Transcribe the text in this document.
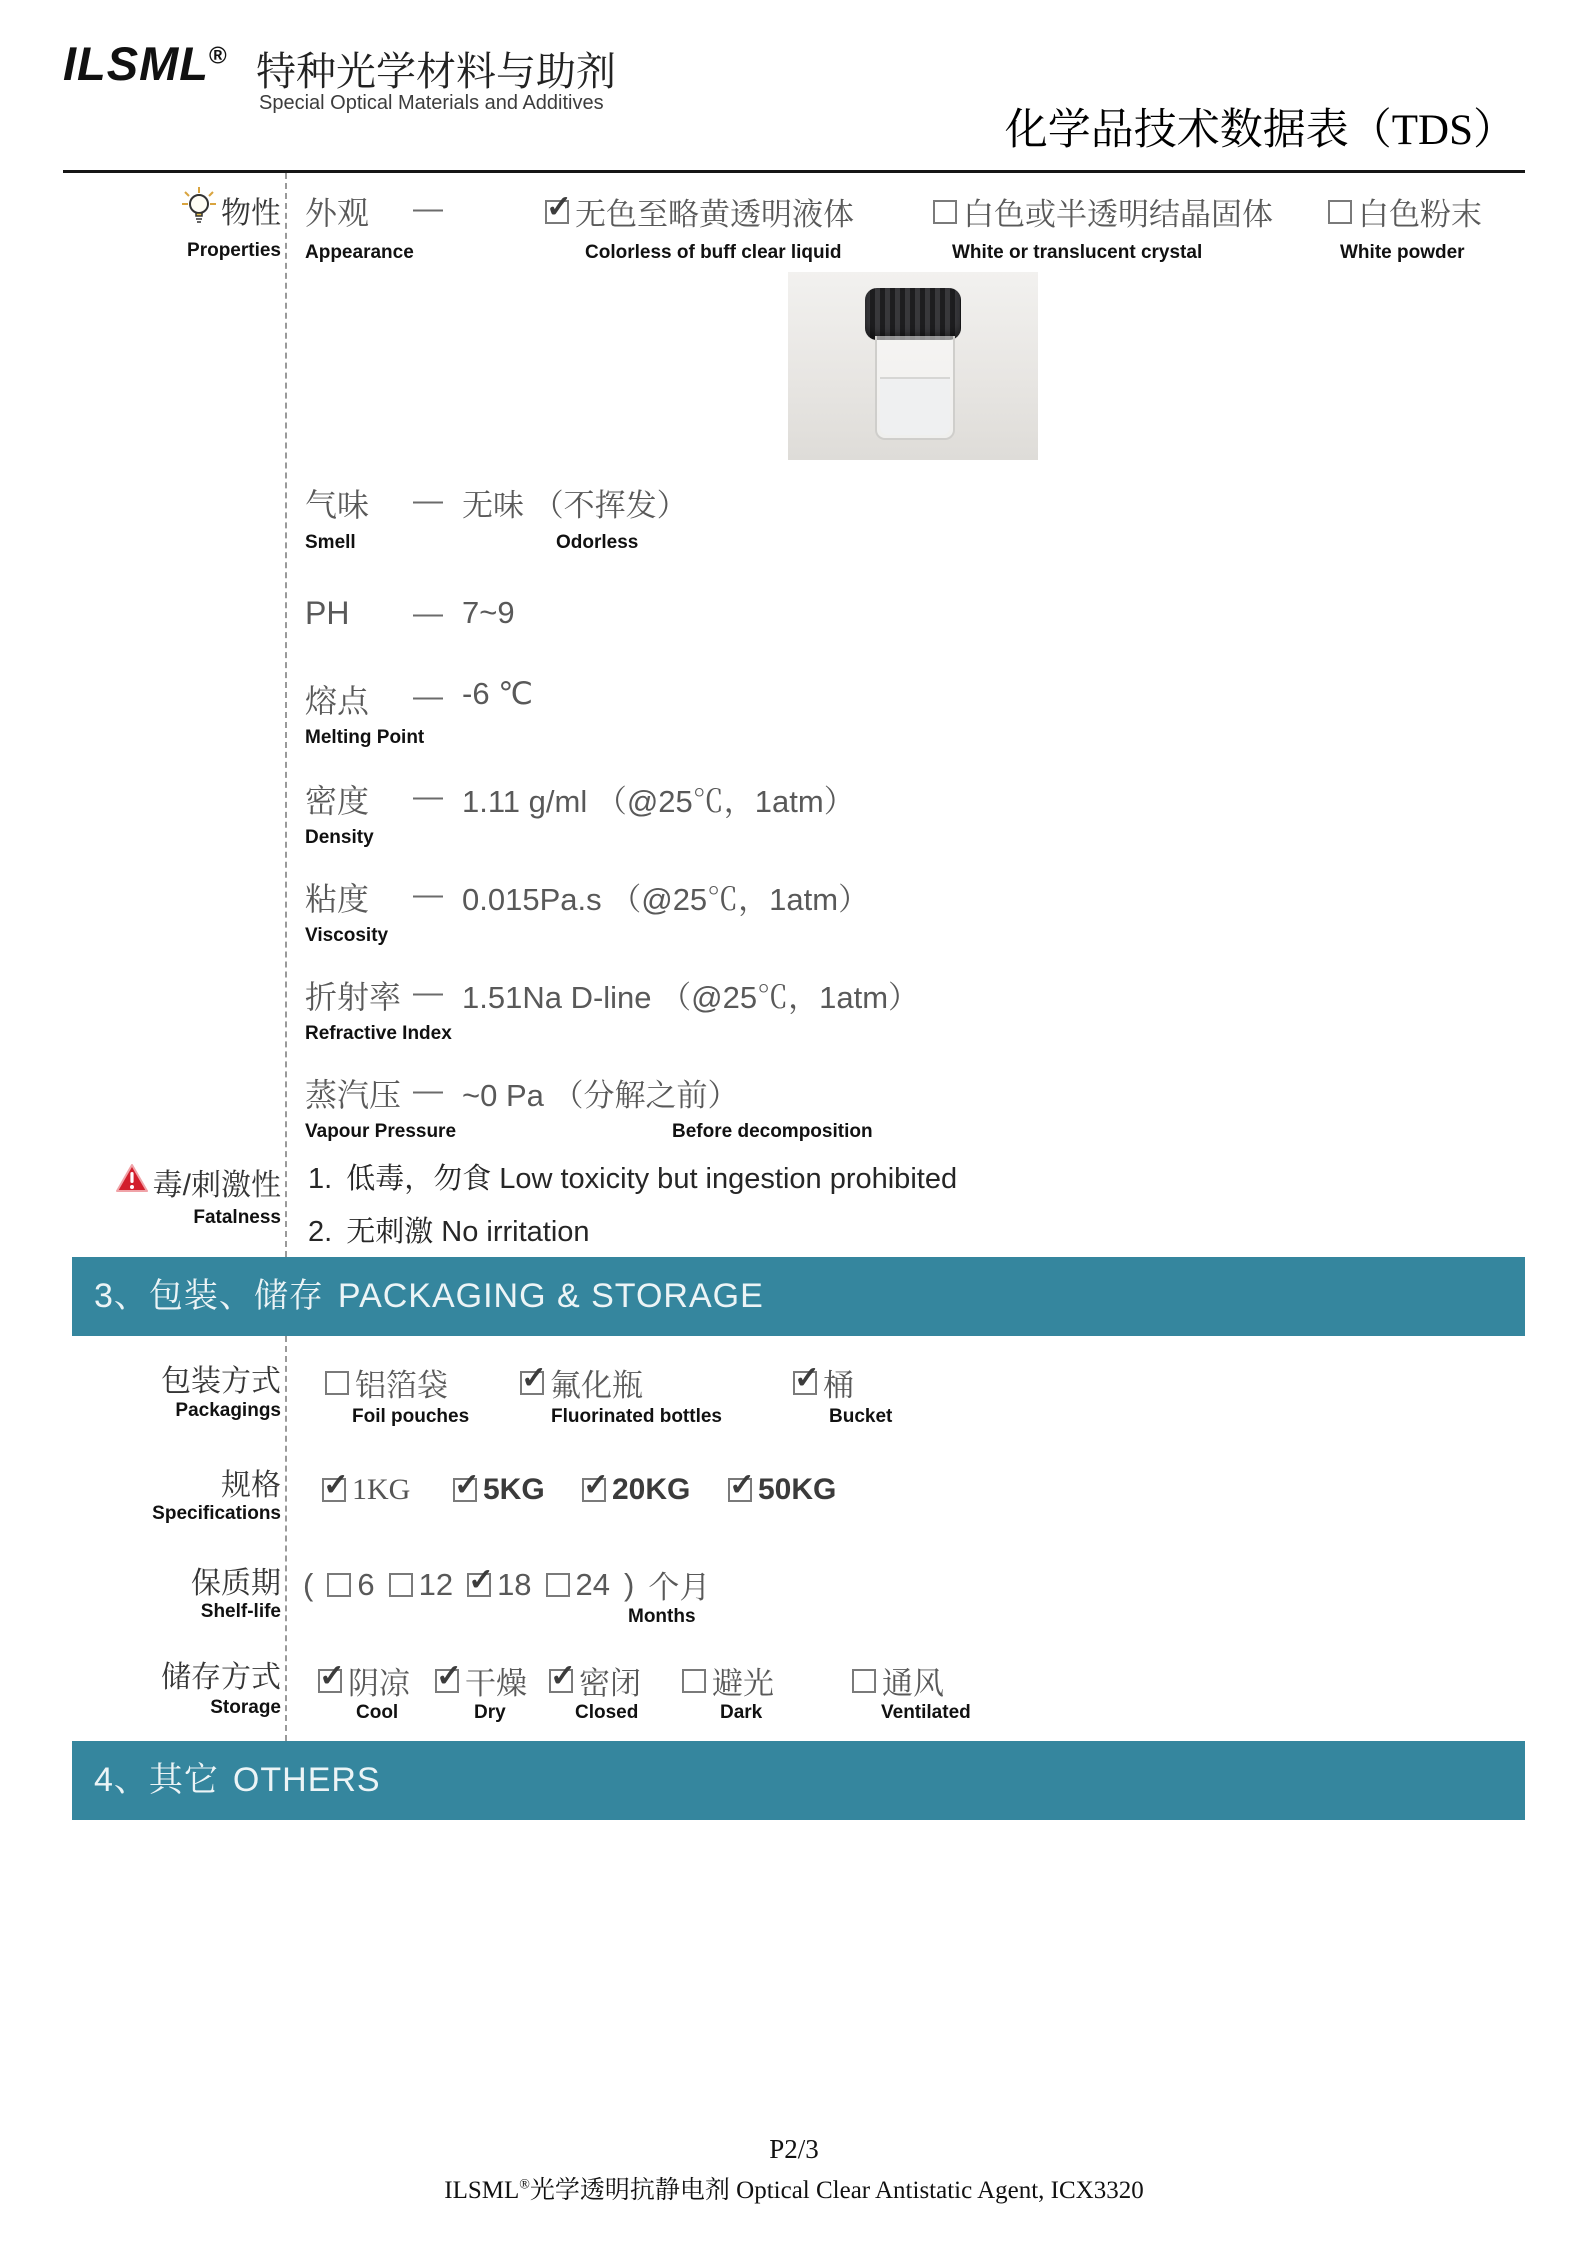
ILSML® 特种光学材料与助剂
Special Optical Materials and Additives
化学品技术数据表（TDS）
物性
Properties
外观
Appearance
— ✓	无色至略黄透明液体
Colorless of buff clear liquid
白色或半透明结晶固体
White or translucent crystal
白色粉末
White powder
气味
Smell
— 无味 （不挥发）
Odorless
PH — 7~9
熔点
Melting Point
— -6 ℃
密度
Density
— 1.11 g/ml （@25℃，1atm）
粘度
Viscosity
— 0.015Pa.s （@25℃，1atm）
折射率
Refractive Index
— 1.51Na D-line （@25℃，1atm）
蒸汽压
Vapour Pressure
— ~0 Pa （分解之前）
Before decomposition
毒/刺激性
Fatalness
1. 低毒，勿食 Low toxicity but ingestion prohibited
2. 无刺激 No irritation
3、包装、储存 PACKAGING & STORAGE
包装方式
Packagings
铝箔袋
Foil pouches
✓
氟化瓶
Fluorinated bottles
✓
桶
Bucket
规格
Specifications
✓
1KG ✓ 5KG ✓ 20KG ✓ 50KG
保质期
Shelf-life
( 6 12 ✓ 18 24 ) 个月
Months
储存方式
Storage
✓
阴凉
Cool
✓
干燥
Dry
✓
密闭
Closed
避光
Dark
通风
Ventilated
4、其它 OTHERS
P2/3
ILSML®光学透明抗静电剂 Optical Clear Antistatic Agent, ICX3320
